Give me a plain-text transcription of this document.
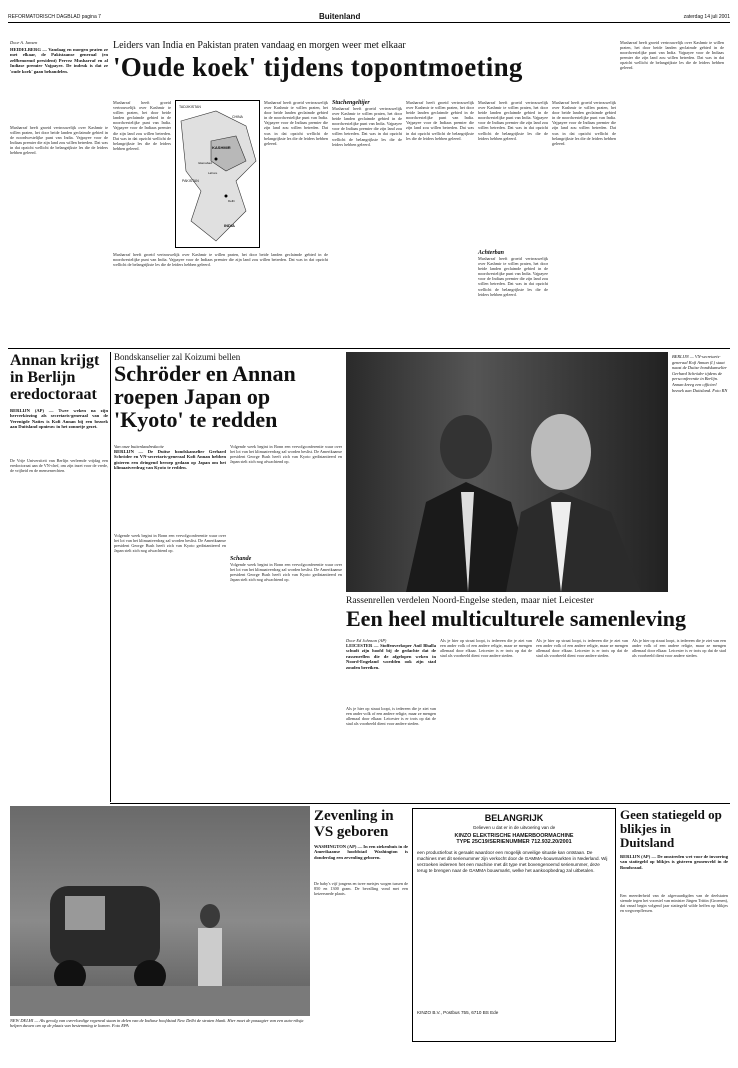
REFORMATORISCH DAGBLAD pagina 7	Buitenland	zaterdag 14 juli 2001
Door A. Jansen
HEIDELBERG — Vandaag en morgen praten ze met elkaar, de Pakistaanse generaal (en zelfbenoemd president) Pervez Musharraf en al Indiase premier Vajpayee. De indruk is dat ze 'oude koek' gaan behandelen.
Musharraf heeft groeid vertrouwelijk over Kashmir te willen praten, het door beide landen geclaimde gebied in de noordwestelijke punt van India. Vajpayee voor de Indiaas premier die zijn land zou willen betreden. Dat was in dat opzicht wellicht de belangrijkste les die de leiders hebben geleerd.
Leiders van India en Pakistan praten vandaag en morgen weer met elkaar
'Oude koek' tijdens topontmoeting
TADJIKISTAN
CHINA
PAKISTAN
KASHMIR
INDIA
Lahore
Islamabad
Delhi
Musharraf heeft groeid vertrouwelijk over Kashmir te willen praten, het door beide landen geclaimde gebied in de noordwestelijke punt van India. Vajpayee voor de Indiaas premier die zijn land zou willen betreden. Dat was in dat opzicht wellicht de belangrijkste les die de leiders hebben geleerd.
Musharraf heeft groeid vertrouwelijk over Kashmir te willen praten, het door beide landen geclaimde gebied in de noordwestelijke punt van India. Vajpayee voor de Indiaas premier die zijn land zou willen betreden. Dat was in dat opzicht wellicht de belangrijkste les die de leiders hebben geleerd.
Musharraf heeft groeid vertrouwelijk over Kashmir te willen praten, het door beide landen geclaimde gebied in de noordwestelijke punt van India. Vajpayee voor de Indiaas premier die zijn land zou willen betreden. Dat was in dat opzicht wellicht de belangrijkste les die de leiders hebben geleerd.
Stuchengeltijer
Musharraf heeft groeid vertrouwelijk over Kashmir te willen praten, het door beide landen geclaimde gebied in de noordwestelijke punt van India. Vajpayee voor de Indiaas premier die zijn land zou willen betreden. Dat was in dat opzicht wellicht de belangrijkste les die de leiders hebben geleerd.
Musharraf heeft groeid vertrouwelijk over Kashmir te willen praten, het door beide landen geclaimde gebied in de noordwestelijke punt van India. Vajpayee voor de Indiaas premier die zijn land zou willen betreden. Dat was in dat opzicht wellicht de belangrijkste les die de leiders hebben geleerd.
Musharraf heeft groeid vertrouwelijk over Kashmir te willen praten, het door beide landen geclaimde gebied in de noordwestelijke punt van India. Vajpayee voor de Indiaas premier die zijn land zou willen betreden. Dat was in dat opzicht wellicht de belangrijkste les die de leiders hebben geleerd.
Achterban
Musharraf heeft groeid vertrouwelijk over Kashmir te willen praten, het door beide landen geclaimde gebied in de noordwestelijke punt van India. Vajpayee voor de Indiaas premier die zijn land zou willen betreden. Dat was in dat opzicht wellicht de belangrijkste les die de leiders hebben geleerd.
Musharraf heeft groeid vertrouwelijk over Kashmir te willen praten, het door beide landen geclaimde gebied in de noordwestelijke punt van India. Vajpayee voor de Indiaas premier die zijn land zou willen betreden. Dat was in dat opzicht wellicht de belangrijkste les die de leiders hebben geleerd.
Musharraf heeft groeid vertrouwelijk over Kashmir te willen praten, het door beide landen geclaimde gebied in de noordwestelijke punt van India. Vajpayee voor de Indiaas premier die zijn land zou willen betreden. Dat was in dat opzicht wellicht de belangrijkste les die de leiders hebben geleerd.
Annan krijgt in Berlijn eredoctoraat
BERLIJN (AP) — Twee weken na zijn herverkiezing als secretaris-generaal van de Verenigde Naties is Kofi Annan bij een bezoek aan Duitsland opnieuw in het zonnetje gezet.
De Vrije Universiteit van Berlijn verleende vrijdag een eredoctoraat aan de VN-chef, om zijn inzet voor de vrede, de vrijheid en de mensenrechten.
Bondskanselier zal Koizumi bellen
Schröder en Annan roepen Japan op 'Kyoto' te redden
Van onze buitenlandredactie
BERLIJN — De Duitse bondskanselier Gerhard Schröder en VN-secretaris-generaal Kofi Annan hebben gisteren een dringend beroep gedaan op Japan om het klimaatverdrag van Kyoto te redden.
Volgende week begint in Bonn een vervolgconferentie waar over het lot van het klimaatverdrag zal worden beslist. De Amerikaanse president George Bush heeft zich van Kyoto gedistantieerd en Japan stelt zich nog afwachtend op.
Volgende week begint in Bonn een vervolgconferentie waar over het lot van het klimaatverdrag zal worden beslist. De Amerikaanse president George Bush heeft zich van Kyoto gedistantieerd en Japan stelt zich nog afwachtend op.
Schande
Volgende week begint in Bonn een vervolgconferentie waar over het lot van het klimaatverdrag zal worden beslist. De Amerikaanse president George Bush heeft zich van Kyoto gedistantieerd en Japan stelt zich nog afwachtend op.
BERLIJN — VN-secretaris-generaal Kofi Annan (l.) staat naast de Duitse bondskanselier Gerhard Schröder tijdens de persconferentie in Berlijn. Annan kreeg een officieel bezoek aan Duitsland. Foto RN
Rassenrellen verdelen Noord-Engelse steden, maar niet Leicester
Een heel multiculturele samenleving
Door Ed Johnson (AP)
LEICESTER — Stoffenverkoper Anil Bhalla schudt zijn hoofd bij de gedachte dat de rassenrellen die de afgelopen weken in Noord-Engeland woedden ook zijn stad zouden bereiken.
Als je hier op straat loopt, is iedereen die je ziet van een ander volk of een andere religie, maar ze mengen allemaal door elkaar. Leicester is er trots op dat de stad als voorbeeld dient voor andere steden.
Als je hier op straat loopt, is iedereen die je ziet van een ander volk of een andere religie, maar ze mengen allemaal door elkaar. Leicester is er trots op dat de stad als voorbeeld dient voor andere steden.
Als je hier op straat loopt, is iedereen die je ziet van een ander volk of een andere religie, maar ze mengen allemaal door elkaar. Leicester is er trots op dat de stad als voorbeeld dient voor andere steden.
Als je hier op straat loopt, is iedereen die je ziet van een ander volk of een andere religie, maar ze mengen allemaal door elkaar. Leicester is er trots op dat de stad als voorbeeld dient voor andere steden.
NEW DELHI — Als gevolg van overvloedige regenval staan in delen van de Indiase hoofdstad New Delhi de straten blank. Hier moet de passagier van een auto-riksja helpen duwen om op de plaats van bestemming te komen. Foto EPA
Zevenling in VS geboren
WASHINGTON (AP) — In een ziekenhuis in de Amerikaanse hoofdstad Washington is donderdag een zevenling geboren.
De baby's vijf jongens en twee meisjes wogen tussen de 850 en 1300 gram. De bevalling vond met een keizersnede plaats.
BELANGRIJK
Gelieven u dat er in de uitvoering van de
KINZO ELEKTRISCHE HAMERBOORMACHINE
TYPE 25C19/SERIENUMMER 712.932.20/2001
een productiefout is geraakt waardoor een mogelijk onveilige situatie kan ontstaan. De machines met dit serienummer zijn verkocht door de GAMMA-bouwmarkten in Nederland. Wij verzoeken iedereen het een machine met dit type met bovengenoemd serienummer, deze terug te brengen naar de GAMMA bouwmarkt, welke het aankoopbedrag zal uitbetalen.
KINZO B.V., Postbus 755, 6710 BS Ede
Geen statiegeld op blikjes in Duitsland
BERLIJN (AP) — De omstreden wet voor de invoering van statiegeld op blikjes is gisteren gesneuveld in de Bondsraad.
Een meerderheid van de afgevaardigden van de deelstaten stemde tegen het voorstel van minister Jürgen Trittin (Groenen), dat vanaf begin volgend jaar statiegeld wilde heffen op blikjes en wegwerpflessen.
